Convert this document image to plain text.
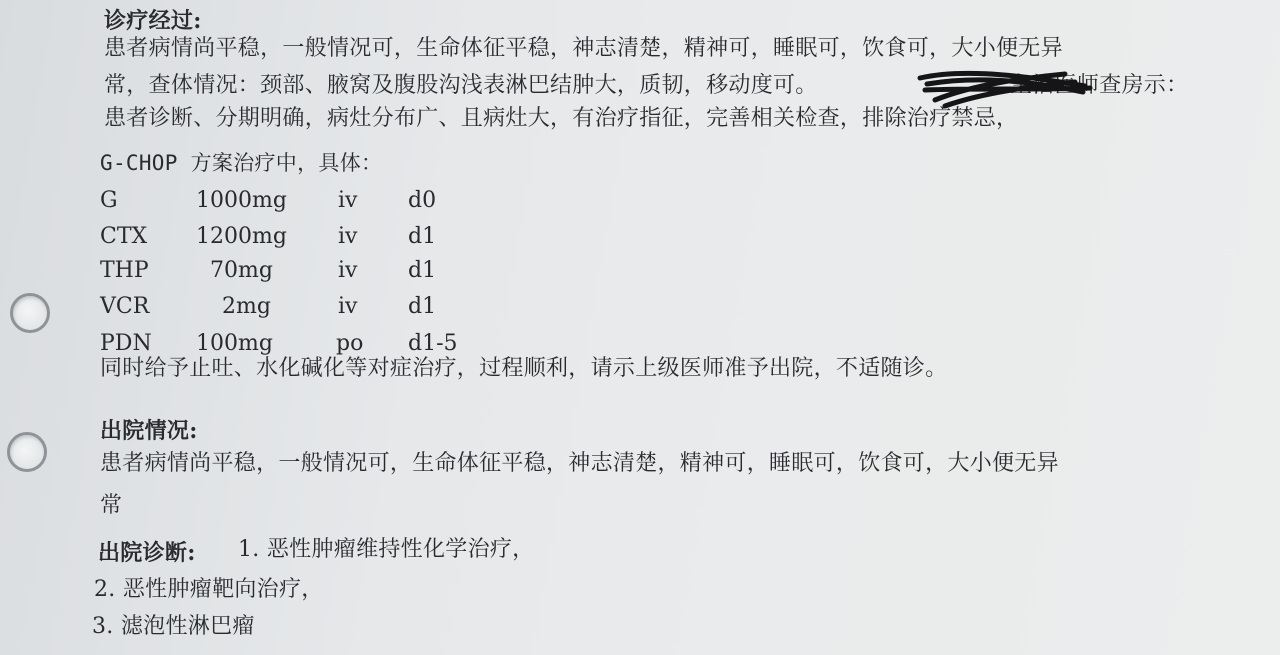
诊疗经过:
患者病情尚平稳，一般情况可，生命体征平稳，神志清楚，精神可，睡眠可，饮食可，大小便无异
常，查体情况：颈部、腋窝及腹股沟浅表淋巴结肿大，质韧，移动度可。	主治医师查房示：
患者诊断、分期明确，病灶分布广、且病灶大，有治疗指征，完善相关检查，排除治疗禁忌，
G-CHOP 方案治疗中，具体：
G	1000mg iv d0
CTX 1200mg iv d1
THP	70mg	iv d1
VCR	2mg	iv d1
PDN 100mg	po d1-5
同时给予止吐、水化碱化等对症治疗，过程顺利，请示上级医师准予出院，不适随诊。
出院情况:
患者病情尚平稳，一般情况可，生命体征平稳，神志清楚，精神可，睡眠可，饮食可，大小便无异
常
出院诊断: 1. 恶性肿瘤维持性化学治疗，
2. 恶性肿瘤靶向治疗，
3. 滤泡性淋巴瘤
